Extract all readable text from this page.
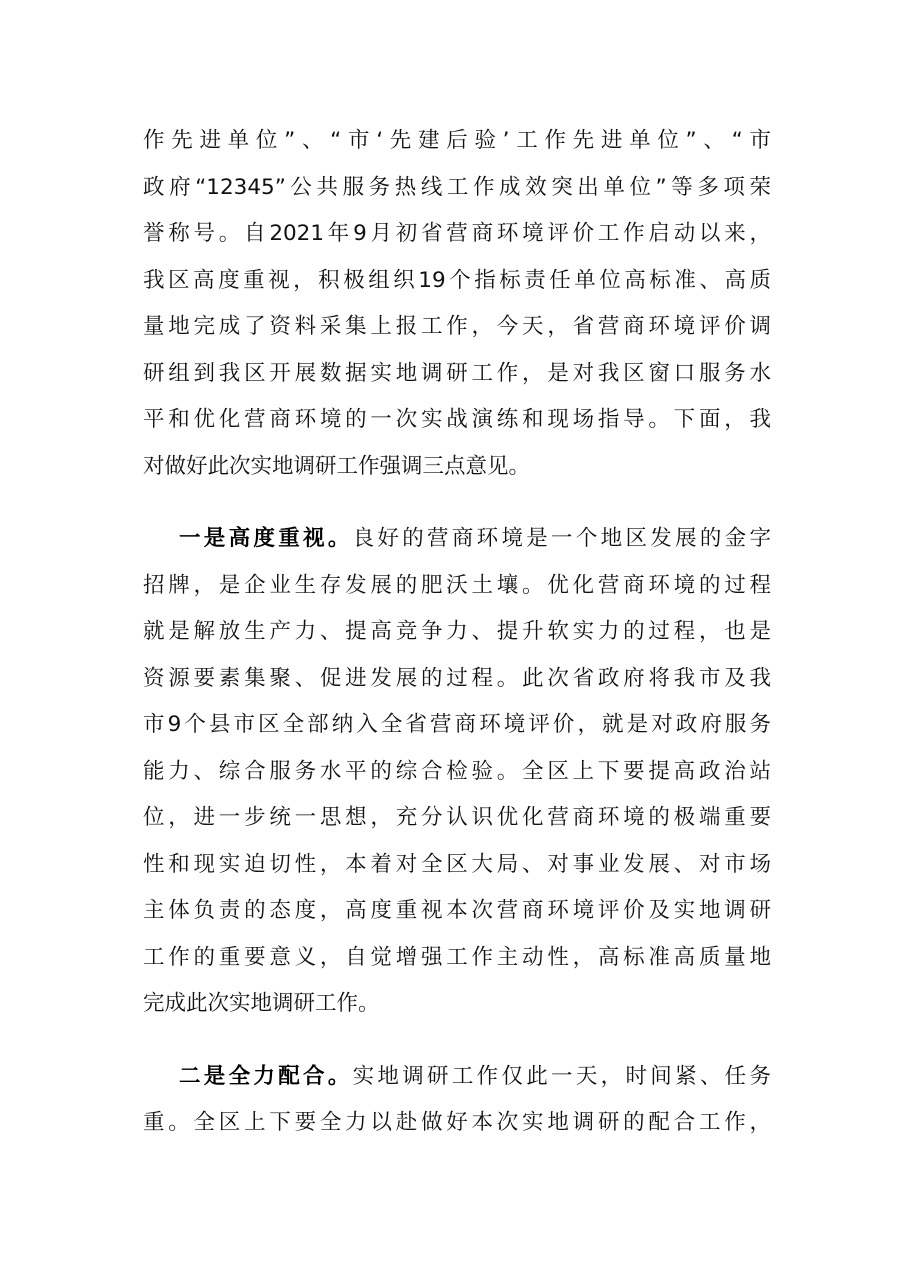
作先进单位”、“市‘先建后验’工作先进单位”、“市
政府“12345”公共服务热线工作成效突出单位”等多项荣
誉称号。自2021年9月初省营商环境评价工作启动以来，
我区高度重视，积极组织19个指标责任单位高标准、高质
量地完成了资料采集上报工作，今天，省营商环境评价调
研组到我区开展数据实地调研工作，是对我区窗口服务水
平和优化营商环境的一次实战演练和现场指导。下面，我
对做好此次实地调研工作强调三点意见。
一是高度重视。良好的营商环境是一个地区发展的金字
招牌，是企业生存发展的肥沃土壤。优化营商环境的过程
就是解放生产力、提高竞争力、提升软实力的过程，也是
资源要素集聚、促进发展的过程。此次省政府将我市及我
市9个县市区全部纳入全省营商环境评价，就是对政府服务
能力、综合服务水平的综合检验。全区上下要提高政治站
位，进一步统一思想，充分认识优化营商环境的极端重要
性和现实迫切性，本着对全区大局、对事业发展、对市场
主体负责的态度，高度重视本次营商环境评价及实地调研
工作的重要意义，自觉增强工作主动性，高标准高质量地
完成此次实地调研工作。
二是全力配合。实地调研工作仅此一天，时间紧、任务
重。全区上下要全力以赴做好本次实地调研的配合工作，
